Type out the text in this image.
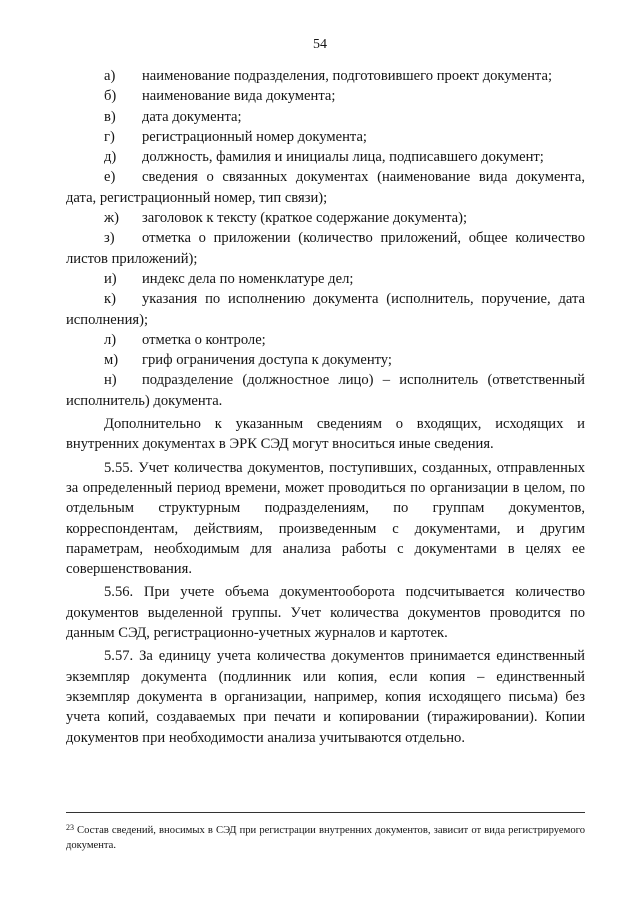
54

а) наименование подразделения, подготовившего проект документа;

б) наименование вида документа;

в) дата документа;

г) регистрационный номер документа;

д) должность, фамилия и инициалы лица, подписавшего документ;

е) сведения о связанных документах (наименование вида документа, дата, регистрационный номер, тип связи);

ж) заголовок к тексту (краткое содержание документа);

з) отметка о приложении (количество приложений, общее количество листов приложений);

и) индекс дела по номенклатуре дел;

к) указания по исполнению документа (исполнитель, поручение, дата исполнения);

л) отметка о контроле;

м) гриф ограничения доступа к документу;

н) подразделение (должностное лицо) – исполнитель (ответственный исполнитель) документа.

Дополнительно к указанным сведениям о входящих, исходящих и внутренних документах в ЭРК СЭД могут вноситься иные сведения.

5.55. Учет количества документов, поступивших, созданных, отправленных за определенный период времени, может проводиться по организации в целом, по отдельным структурным подразделениям, по группам документов, корреспондентам, действиям, произведенным с документами, и другим параметрам, необходимым для анализа работы с документами в целях ее совершенствования.

5.56. При учете объема документооборота подсчитывается количество документов выделенной группы. Учет количества документов проводится по данным СЭД, регистрационно-учетных журналов и картотек.

5.57. За единицу учета количества документов принимается единственный экземпляр документа (подлинник или копия, если копия – единственный экземпляр документа в организации, например, копия исходящего письма) без учета копий, создаваемых при печати и копировании (тиражировании). Копии документов при необходимости анализа учитываются отдельно.

$^{23}$ Состав сведений, вносимых в СЭД при регистрации внутренних документов, зависит от вида регистрируемого документа.
